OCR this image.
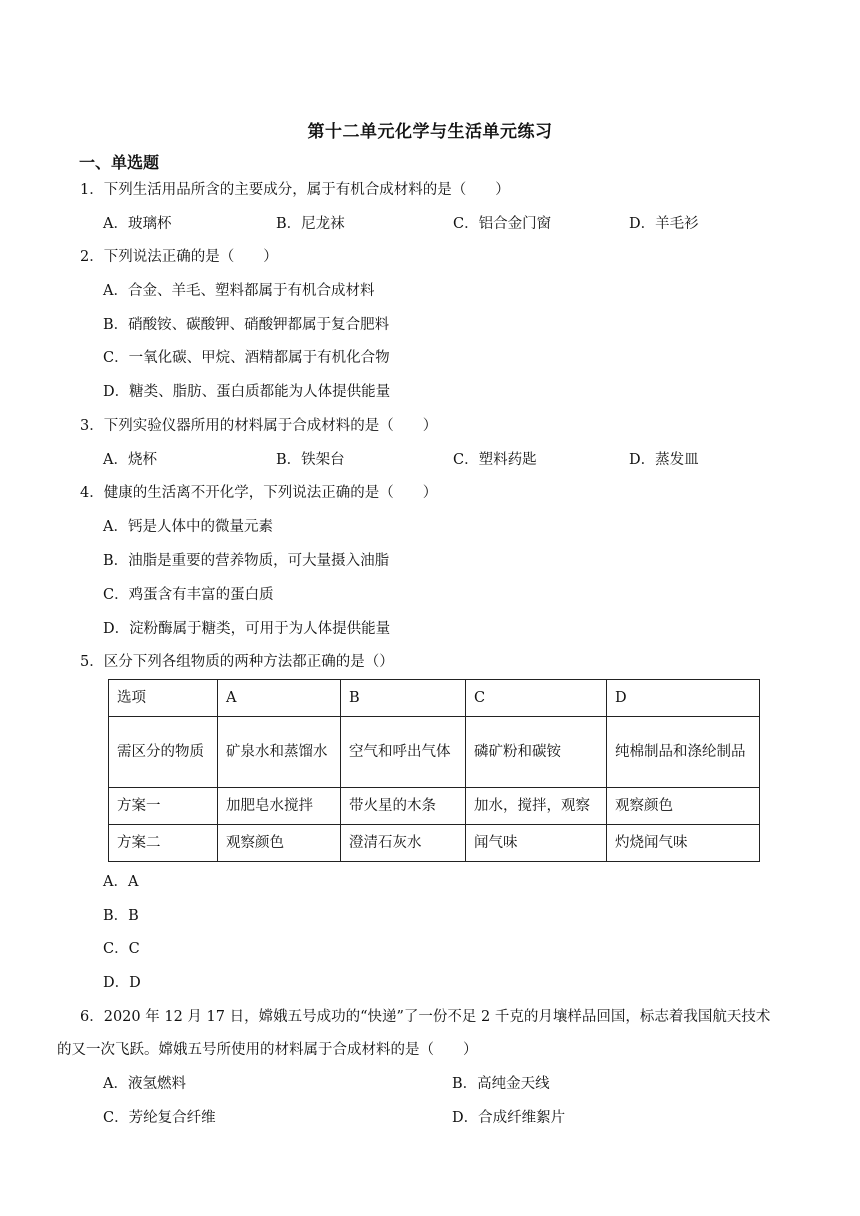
第十二单元化学与生活单元练习
一、单选题
1．下列生活用品所含的主要成分，属于有机合成材料的是（　　）
A．玻璃杯	B．尼龙袜	C．铝合金门窗	D．羊毛衫
2．下列说法正确的是（　　）
A．合金、羊毛、塑料都属于有机合成材料
B．硝酸铵、碳酸钾、硝酸钾都属于复合肥料
C．一氧化碳、甲烷、酒精都属于有机化合物
D．糖类、脂肪、蛋白质都能为人体提供能量
3．下列实验仪器所用的材料属于合成材料的是（　　）
A．烧杯	B．铁架台	C．塑料药匙	D．蒸发皿
4．健康的生活离不开化学，下列说法正确的是（　　）
A．钙是人体中的微量元素
B．油脂是重要的营养物质，可大量摄入油脂
C．鸡蛋含有丰富的蛋白质
D．淀粉酶属于糖类，可用于为人体提供能量
5．区分下列各组物质的两种方法都正确的是（）
选项	A	B	C	D
需区分的物质	矿泉水和蒸馏水	空气和呼出气体	磷矿粉和碳铵	纯棉制品和涤纶制品
方案一	加肥皂水搅拌	带火星的木条	加水，搅拌，观察	观察颜色
方案二	观察颜色	澄清石灰水	闻气味	灼烧闻气味
A．A
B．B
C．C
D．D
6．2020 年 12 月 17 日，嫦娥五号成功的“快递”了一份不足 2 千克的月壤样品回国，标志着我国航天技术
的又一次飞跃。嫦娥五号所使用的材料属于合成材料的是（　　）
A．液氢燃料	B．高纯金天线
C．芳纶复合纤维	D．合成纤维絮片
